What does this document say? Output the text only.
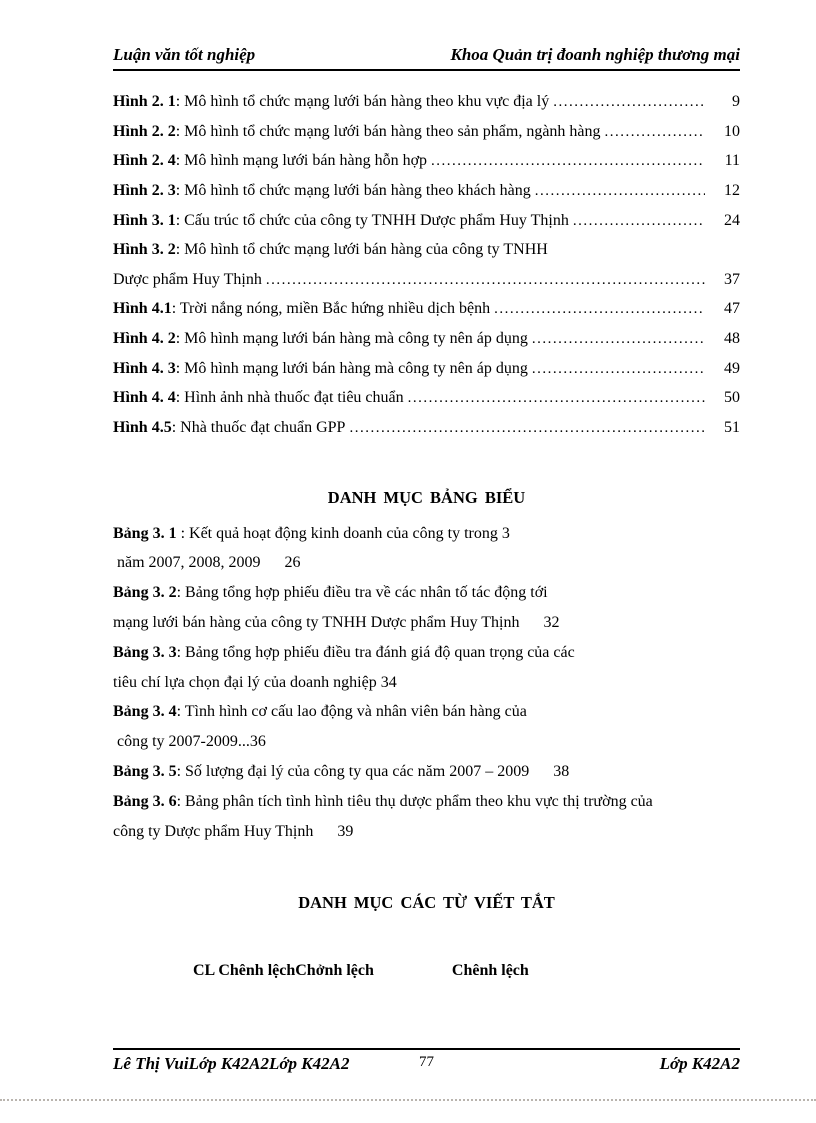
Luận văn tốt nghiệp	Khoa Quản trị đoanh nghiệp thương mại
Hình 2. 1 : Mô hình tổ chức mạng lưới bán hàng theo khu vực địa lý .....	9
Hình 2. 2 : Mô hình tổ chức mạng lưới bán hàng theo sản phẩm, ngành hàng .....	10
Hình 2. 4 : Mô hình mạng lưới bán hàng hỗn hợp .....	11
Hình 2. 3 : Mô hình tổ chức mạng lưới bán hàng theo khách hàng .....	12
Hình 3. 1 : Cấu trúc tổ chức của công ty TNHH Dược phẩm Huy Thịnh .....	24
Hình 3. 2 : Mô hình tổ chức mạng lưới bán hàng của công ty TNHH
Dược phẩm Huy Thịnh .....	37
Hình 4.1 : Trời nắng nóng, miền Bắc hứng nhiều dịch bệnh .....	47
Hình 4. 2 : Mô hình mạng lưới bán hàng mà công ty nên áp dụng .....	48
Hình 4. 3 : Mô hình mạng lưới bán hàng mà công ty nên áp dụng .....	49
Hình 4. 4 : Hình ảnh nhà thuốc đạt tiêu chuẩn .....	50
Hình 4.5 : Nhà thuốc đạt chuẩn GPP .....	51
DANH MỤC BẢNG BIỂU
Bảng 3. 1 : Kết quả hoạt động kinh doanh của công ty trong 3
năm 2007, 2008, 2009      26
Bảng 3. 2 : Bảng tổng hợp phiếu điều tra về các nhân tố tác động tới
mạng lưới bán hàng của công ty TNHH Dược phẩm Huy Thịnh      32
Bảng 3. 3 : Bảng tổng hợp phiếu điều tra đánh giá độ quan trọng của các
tiêu chí lựa chọn đại lý của doanh nghiệp 34
Bảng 3. 4 : Tình hình cơ cấu lao động và nhân viên bán hàng của
công ty 2007-2009...36
Bảng 3. 5 : Số lượng đại lý của công ty qua các năm 2007 – 2009      38
Bảng 3. 6 : Bảng phân tích tình hình tiêu thụ dược phẩm theo khu vực thị trường của
công ty Dược phẩm Huy Thịnh      39
DANH MỤC CÁC TỪ VIẾT TẮT
CL Chênh lệchChởnh lệch	Chênh lệch
Lê Thị VuiLớp K42A2Lớp K42A2	77	Lớp K42A2
